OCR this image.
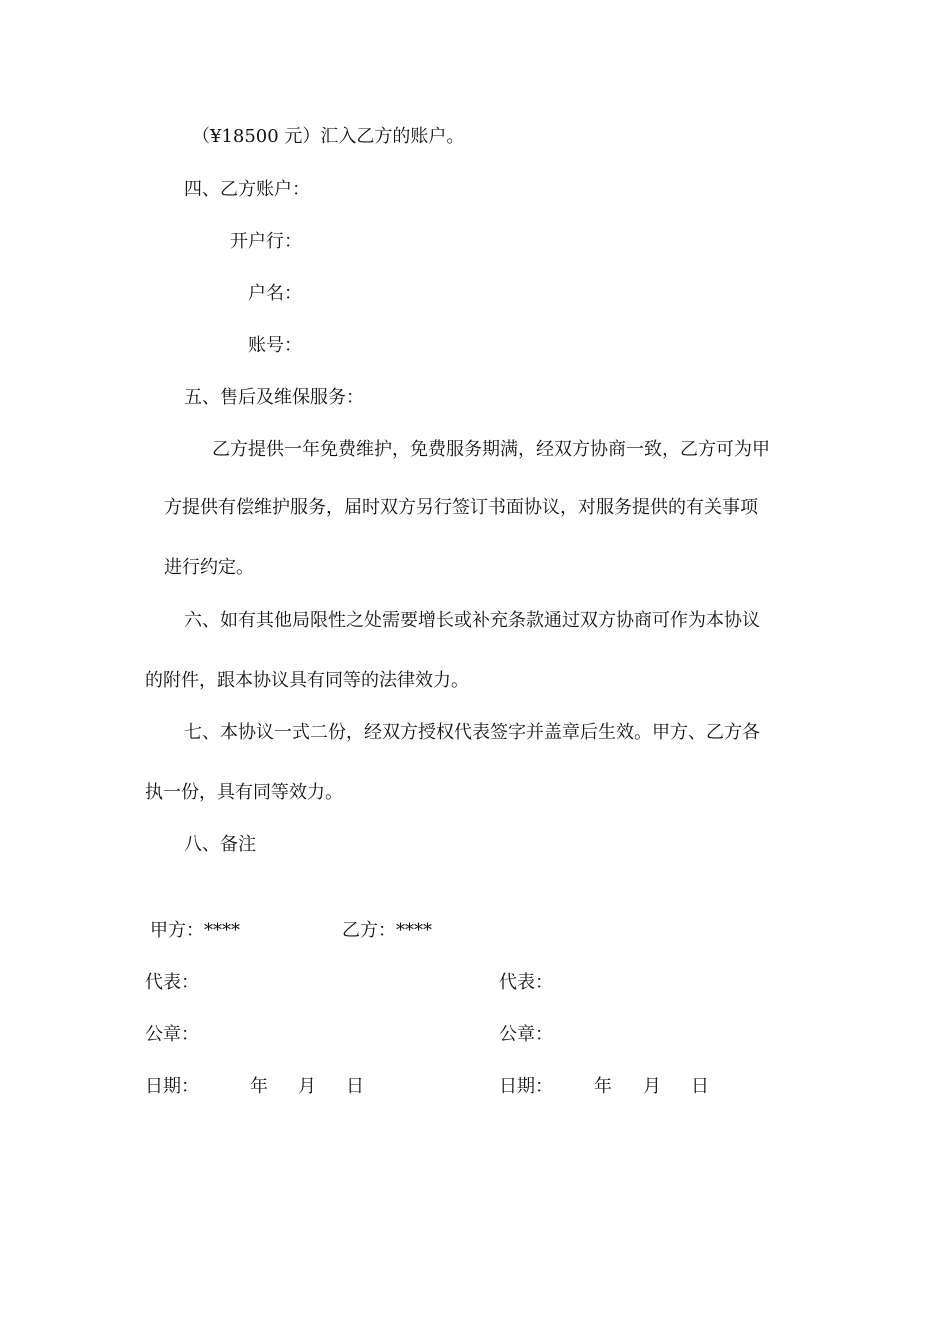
（¥18500 元）汇入乙方的账户。
四、乙方账户：
开户行：
户名：
账号：
五、售后及维保服务：
乙方提供一年免费维护，免费服务期满，经双方协商一致，乙方可为甲
方提供有偿维护服务，届时双方另行签订书面协议，对服务提供的有关事项
进行约定。
六、如有其他局限性之处需要增长或补充条款通过双方协商可作为本协议
的附件，跟本协议具有同等的法律效力。
七、本协议一式二份，经双方授权代表签字并盖章后生效。甲方、乙方各
执一份，具有同等效力。
八、备注
甲方：****	乙方：****
代表：	代表：
公章：	公章：
日期：	年 月 日	日期： 年 月 日
